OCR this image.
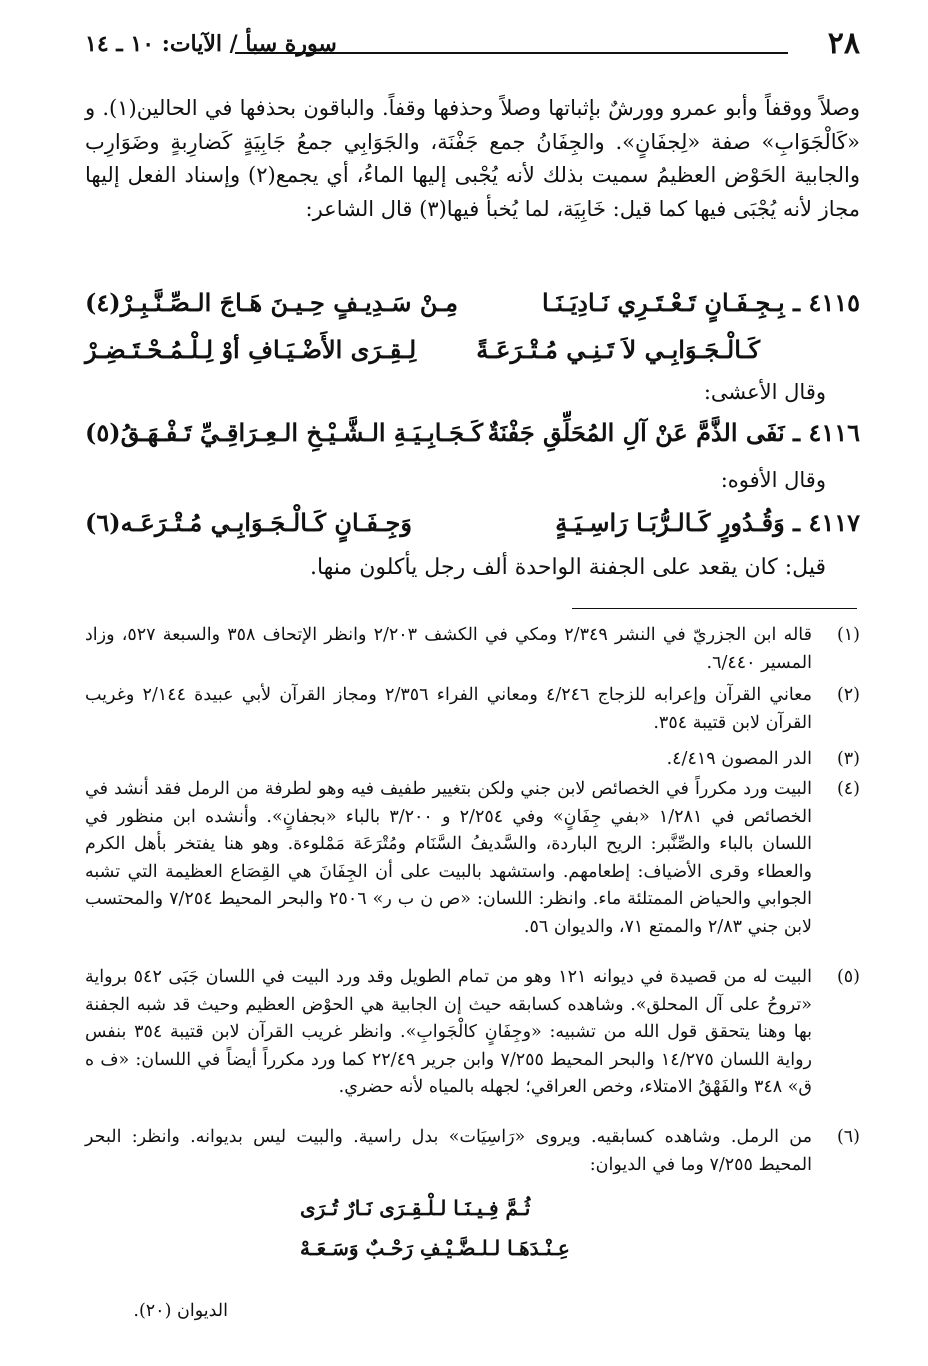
٢٨
سورة سبأ / الآيات: ١٠ ـ ١٤
وصلاً ووقفاً وأبو عمرو وورشٌ بإثباتها وصلاً وحذفها وقفاً. والباقون بحذفها في الحالين(١). و «كَالْجَوَابِ» صفة «لِجفَانٍ». والجِفَانُ جمع جَفْنَة، والجَوَابِي جمعُ جَابِيَةٍ كَضارِبةٍ وضَوَارِب والجابية الحَوْض العظيمُ سميت بذلك لأنه يُجْبى إليها الماءُ، أي يجمع(٢) وإسناد الفعل إليها مجاز لأنه يُجْبَى فيها كما قيل: خَابِيَة، لما يُخبأ فيها(٣) قال الشاعر:
٤١١٥ ـ بِـجِـفَـانٍ تَـعْـتَـرِي نَـادِيَـنَـا
مِـنْ سَـدِيـفٍ حِـيـنَ هَـاجَ الـصِّـنَّـبِـرْ(٤)
كَـالْـجَـوَابِـي لاَ تَـنِـي مُـتْـرَعَـةً
لِـقِـرَى الأَضْـيَـافِ أوْ لِـلْـمُـحْـتَـضِـرْ
وقال الأعشى:
٤١١٦ ـ نَفَى الذَّمَّ عَنْ آلِ المُحَلِّقِ جَفْنَةٌ
كَـجَـابِـيَـةِ الـشَّـيْـخِ الـعِـرَاقِـيِّ تَـفْـهَـقُ(٥)
وقال الأفوه:
٤١١٧ ـ وَقُـدُورٍ كَـالـرُّبَـا رَاسِـيَـةٍ
وَجِـفَـانٍ كَـالْـجَـوَابِـي مُـتْـرَعَـه(٦)
قيل: كان يقعد على الجفنة الواحدة ألف رجل يأكلون منها.
(١)
قاله ابن الجزريّ في النشر ٢/٣٤٩ ومكي في الكشف ٢/٢٠٣ وانظر الإتحاف ٣٥٨ والسبعة ٥٢٧، وزاد المسير ٦/٤٤٠.
(٢)
معاني القرآن وإعرابه للزجاج ٤/٢٤٦ ومعاني الفراء ٢/٣٥٦ ومجاز القرآن لأبي عبيدة ٢/١٤٤ وغريب القرآن لابن قتيبة ٣٥٤.
(٣)
الدر المصون ٤/٤١٩.
(٤)
البيت ورد مكرراً في الخصائص لابن جني ولكن بتغيير طفيف فيه وهو لطرفة من الرمل فقد أنشد في الخصائص في ١/٢٨١ «بفي جِفَانٍ» وفي ٢/٢٥٤ و ٣/٢٠٠ بالباء «بجفانٍ». وأنشده ابن منظور في اللسان بالباء والصِّنَّبر: الريح الباردة، والسَّديفُ السَّنَام ومُتْرَعَة مَمْلوءة. وهو هنا يفتخر بأهل الكرم والعطاء وقرى الأضياف: إطعامهم. واستشهد بالبيت على أن الجِفَانَ هي القِصَاع العظيمة التي تشبه الجوابي والحياض الممتلئة ماء. وانظر: اللسان: «ص ن ب ر» ٢٥٠٦ والبحر المحيط ٧/٢٥٤ والمحتسب لابن جني ٢/٨٣ والممتع ٧١، والديوان ٥٦.
(٥)
البيت له من قصيدة في ديوانه ١٢١ وهو من تمام الطويل وقد ورد البيت في اللسان جَبَى ٥٤٢ برواية «تروحُ على آل المحلق». وشاهده كسابقه حيث إن الجابية هي الحوْض العظيم وحيث قد شبه الجفنة بها وهنا يتحقق قول الله من تشبيه: «وجِفَانٍ كالْجَوابِ». وانظر غريب القرآن لابن قتيبة ٣٥٤ بنفس رواية اللسان ١٤/٢٧٥ والبحر المحيط ٧/٢٥٥ وابن جرير ٢٢/٤٩ كما ورد مكرراً أيضاً في اللسان: «ف ه ق» ٣٤٨ والفَهْقُ الامتلاء، وخص العراقي؛ لجهله بالمياه لأنه حضري.
(٦)
من الرمل. وشاهده كسابقيه. ويروى «رَاسِيَات» بدل راسية. والبيت ليس بديوانه. وانظر: البحر المحيط ٧/٢٥٥ وما في الديوان:
ثُـمَّ فِـيـنَـا لـلْـقِـرَى نَـارٌ تُـرَى
عِـنْـدَهَـا لـلـضَّـيْـفِ رَحْـبٌ وَسَـعَـهْ
الديوان (٢٠).
